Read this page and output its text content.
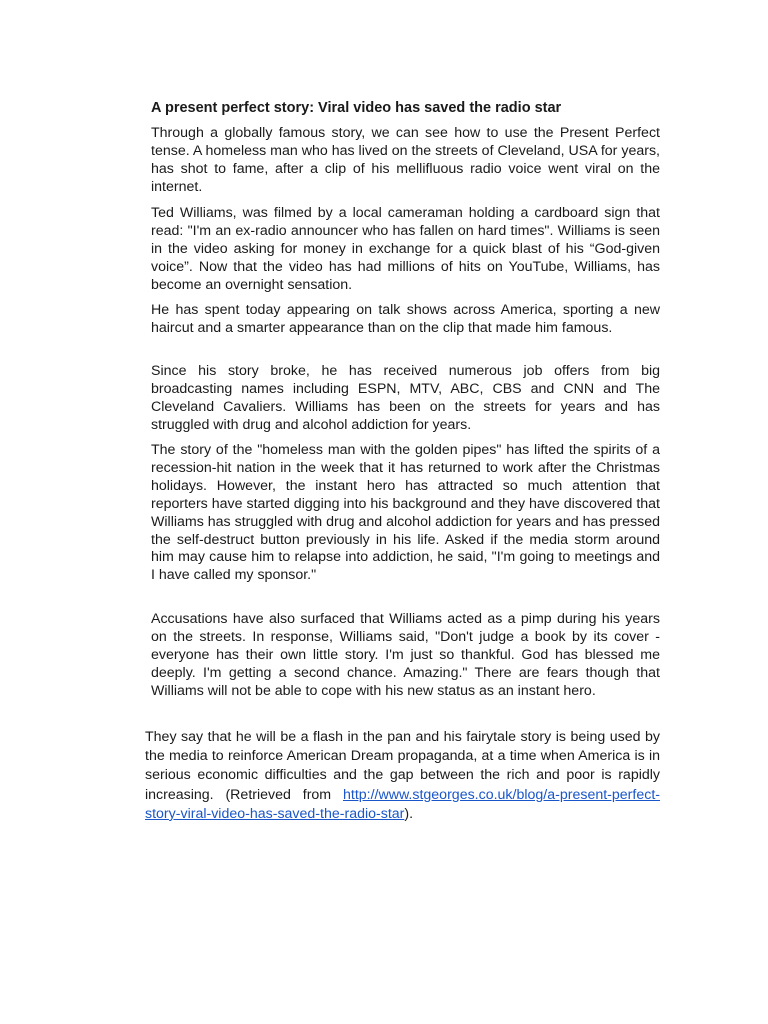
A present perfect story: Viral video has saved the radio star

Through a globally famous story, we can see how to use the Present Perfect tense. A homeless man who has lived on the streets of Cleveland, USA for years, has shot to fame, after a clip of his mellifluous radio voice went viral on the internet.

Ted Williams, was filmed by a local cameraman holding a cardboard sign that read: "I'm an ex-radio announcer who has fallen on hard times". Williams is seen in the video asking for money in exchange for a quick blast of his “God-given voice”. Now that the video has had millions of hits on YouTube, Williams, has become an overnight sensation.

He has spent today appearing on talk shows across America, sporting a new haircut and a smarter appearance than on the clip that made him famous.

Since his story broke, he has received numerous job offers from big broadcasting names including ESPN, MTV, ABC, CBS and CNN and The Cleveland Cavaliers. Williams has been on the streets for years and has struggled with drug and alcohol addiction for years.

The story of the "homeless man with the golden pipes" has lifted the spirits of a recession-hit nation in the week that it has returned to work after the Christmas holidays. However, the instant hero has attracted so much attention that reporters have started digging into his background and they have discovered that Williams has struggled with drug and alcohol addiction for years and has pressed the self-destruct button previously in his life. Asked if the media storm around him may cause him to relapse into addiction, he said, "I'm going to meetings and I have called my sponsor."

Accusations have also surfaced that Williams acted as a pimp during his years on the streets. In response, Williams said, "Don't judge a book by its cover - everyone has their own little story. I'm just so thankful. God has blessed me deeply. I'm getting a second chance. Amazing." There are fears though that Williams will not be able to cope with his new status as an instant hero.

They say that he will be a flash in the pan and his fairytale story is being used by the media to reinforce American Dream propaganda, at a time when America is in serious economic difficulties and the gap between the rich and poor is rapidly increasing. (Retrieved from http://www.stgeorges.co.uk/blog/a-present-perfect-story-viral-video-has-saved-the-radio-star).
